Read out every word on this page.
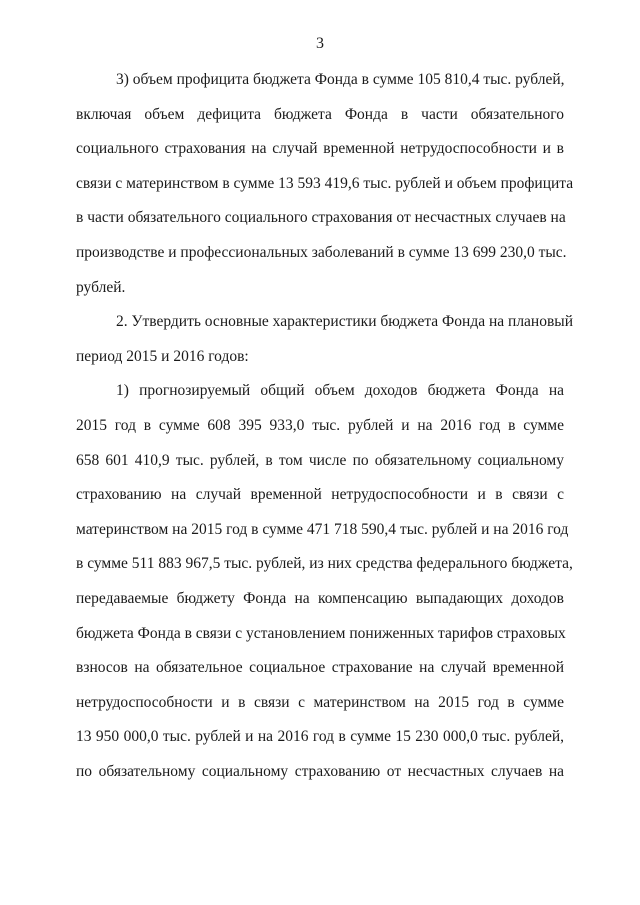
3
3) объем профицита бюджета Фонда в сумме 105 810,4 тыс. рублей,
включая объем дефицита бюджета Фонда в части обязательного
социального страхования на случай временной нетрудоспособности и в
связи с материнством в сумме 13 593 419,6 тыс. рублей и объем профицита
в части обязательного социального страхования от несчастных случаев на
производстве и профессиональных заболеваний в сумме 13 699 230,0 тыс.
рублей.
2. Утвердить основные характеристики бюджета Фонда на плановый
период 2015 и 2016 годов:
1) прогнозируемый общий объем доходов бюджета Фонда на
2015 год в сумме 608 395 933,0 тыс. рублей и на 2016 год в сумме
658 601 410,9 тыс. рублей, в том числе по обязательному социальному
страхованию на случай временной нетрудоспособности и в связи с
материнством на 2015 год в сумме 471 718 590,4 тыс. рублей и на 2016 год
в сумме 511 883 967,5 тыс. рублей, из них средства федерального бюджета,
передаваемые бюджету Фонда на компенсацию выпадающих доходов
бюджета Фонда в связи с установлением пониженных тарифов страховых
взносов на обязательное социальное страхование на случай временной
нетрудоспособности и в связи с материнством на 2015 год в сумме
13 950 000,0 тыс. рублей и на 2016 год в сумме 15 230 000,0 тыс. рублей,
по обязательному социальному страхованию от несчастных случаев на
